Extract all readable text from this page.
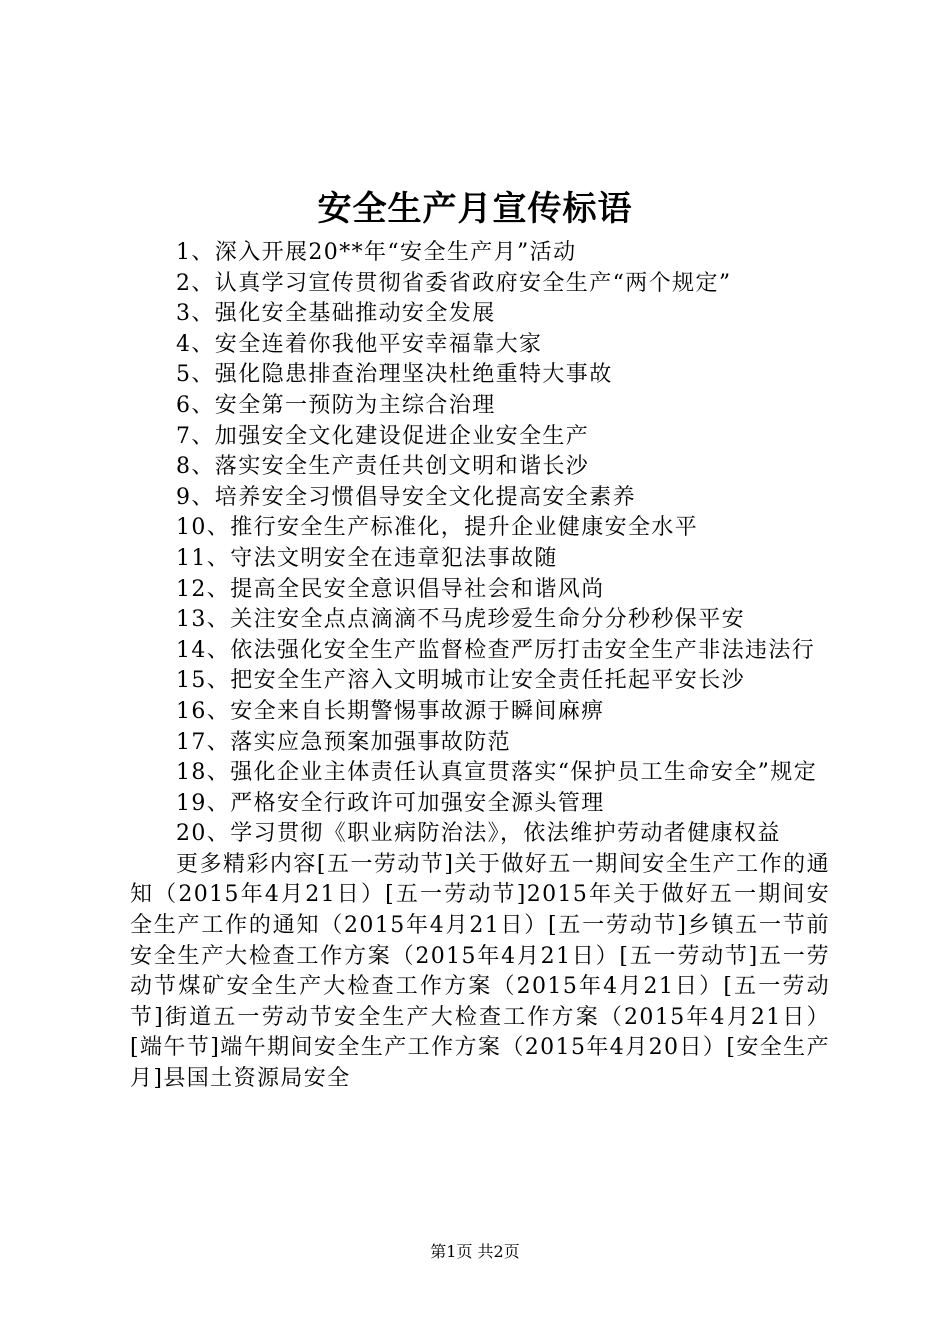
安全生产月宣传标语

1、深入开展20**年“安全生产月”活动

2、认真学习宣传贯彻省委省政府安全生产“两个规定”

3、强化安全基础推动安全发展

4、安全连着你我他平安幸福靠大家

5、强化隐患排查治理坚决杜绝重特大事故

6、安全第一预防为主综合治理

7、加强安全文化建设促进企业安全生产

8、落实安全生产责任共创文明和谐长沙

9、培养安全习惯倡导安全文化提高安全素养

10、推行安全生产标准化，提升企业健康安全水平

11、守法文明安全在违章犯法事故随

12、提高全民安全意识倡导社会和谐风尚

13、关注安全点点滴滴不马虎珍爱生命分分秒秒保平安

14、依法强化安全生产监督检查严厉打击安全生产非法违法行

15、把安全生产溶入文明城市让安全责任托起平安长沙

16、安全来自长期警惕事故源于瞬间麻痹

17、落实应急预案加强事故防范

18、强化企业主体责任认真宣贯落实“保护员工生命安全”规定

19、严格安全行政许可加强安全源头管理

20、学习贯彻《职业病防治法》，依法维护劳动者健康权益

更多精彩内容[五一劳动节]关于做好五一期间安全生产工作的通知（2015年4月21日）[五一劳动节]2015年关于做好五一期间安全生产工作的通知（2015年4月21日）[五一劳动节]乡镇五一节前安全生产大检查工作方案（2015年4月21日）[五一劳动节]五一劳动节煤矿安全生产大检查工作方案（2015年4月21日）[五一劳动节]街道五一劳动节安全生产大检查工作方案（2015年4月21日）[端午节]端午期间安全生产工作方案（2015年4月20日）[安全生产月]县国土资源局安全

第1页 共2页
